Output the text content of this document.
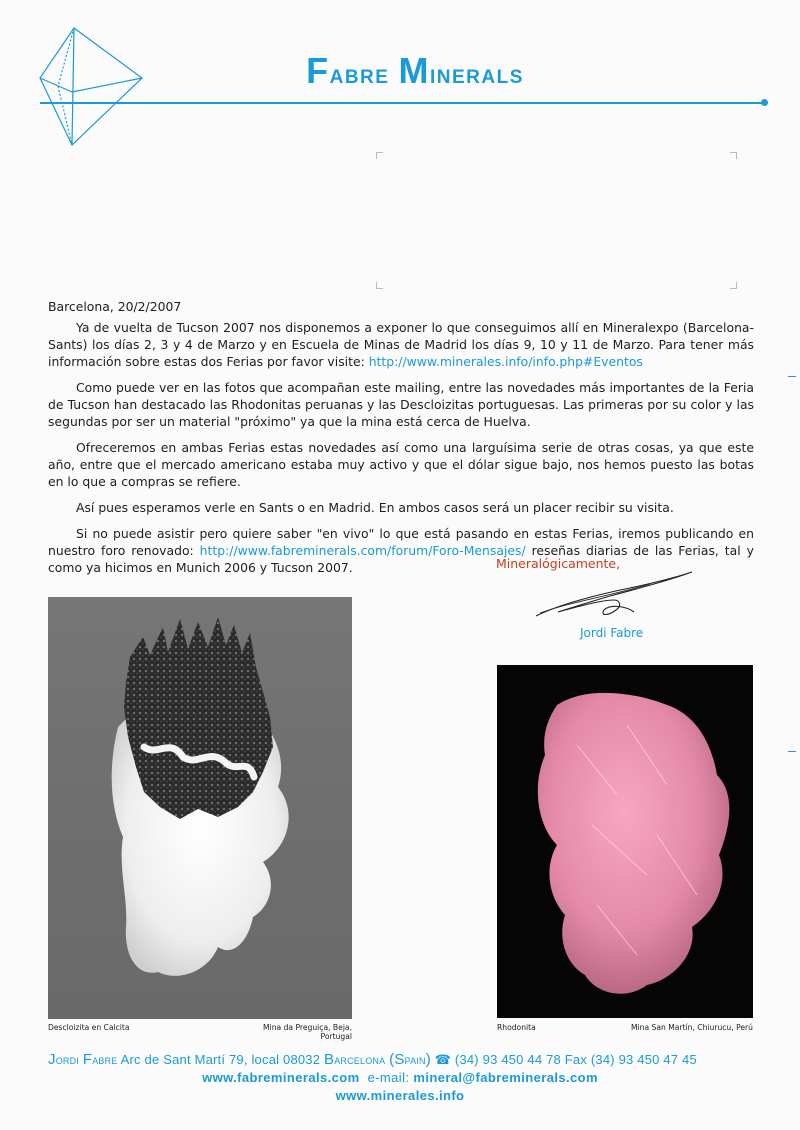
Fabre Minerals

Barcelona, 20/2/2007

Ya de vuelta de Tucson 2007 nos disponemos a exponer lo que conseguimos allí en Mineralexpo (Barcelona-Sants) los días 2, 3 y 4 de Marzo y en Escuela de Minas de Madrid los días 9, 10 y 11 de Marzo. Para tener más información sobre estas dos Ferias por favor visite: http://www.minerales.info/info.php#Eventos

Como puede ver en las fotos que acompañan este mailing, entre las novedades más importantes de la Feria de Tucson han destacado las Rhodonitas peruanas y las Descloizitas portuguesas. Las primeras por su color y las segundas por ser un material "próximo" ya que la mina está cerca de Huelva.

Ofreceremos en ambas Ferias estas novedades así como una larguísima serie de otras cosas, ya que este año, entre que el mercado americano estaba muy activo y que el dólar sigue bajo, nos hemos puesto las botas en lo que a compras se refiere.

Así pues esperamos verle en Sants o en Madrid. En ambos casos será un placer recibir su visita.

Si no puede asistir pero quiere saber "en vivo" lo que está pasando en estas Ferias, iremos publicando en nuestro foro renovado: http://www.fabreminerals.com/forum/Foro-Mensajes/ reseñas diarias de las Ferias, tal y como ya hicimos en Munich 2006 y Tucson 2007.	Mineralógicamente,
Jordi Fabre
Descloizita en Calcita	Mina da Preguiça, Beja, Portugal
Rhodonita	Mina San Martín, Chiurucu, Perú
Jordi Fabre Arc de Sant Martí 79, local 08032 Barcelona (Spain) ☎ (34) 93 450 44 78 Fax (34) 93 450 47 45
www.fabreminerals.com e-mail: mineral@fabreminerals.com
www.minerales.info
